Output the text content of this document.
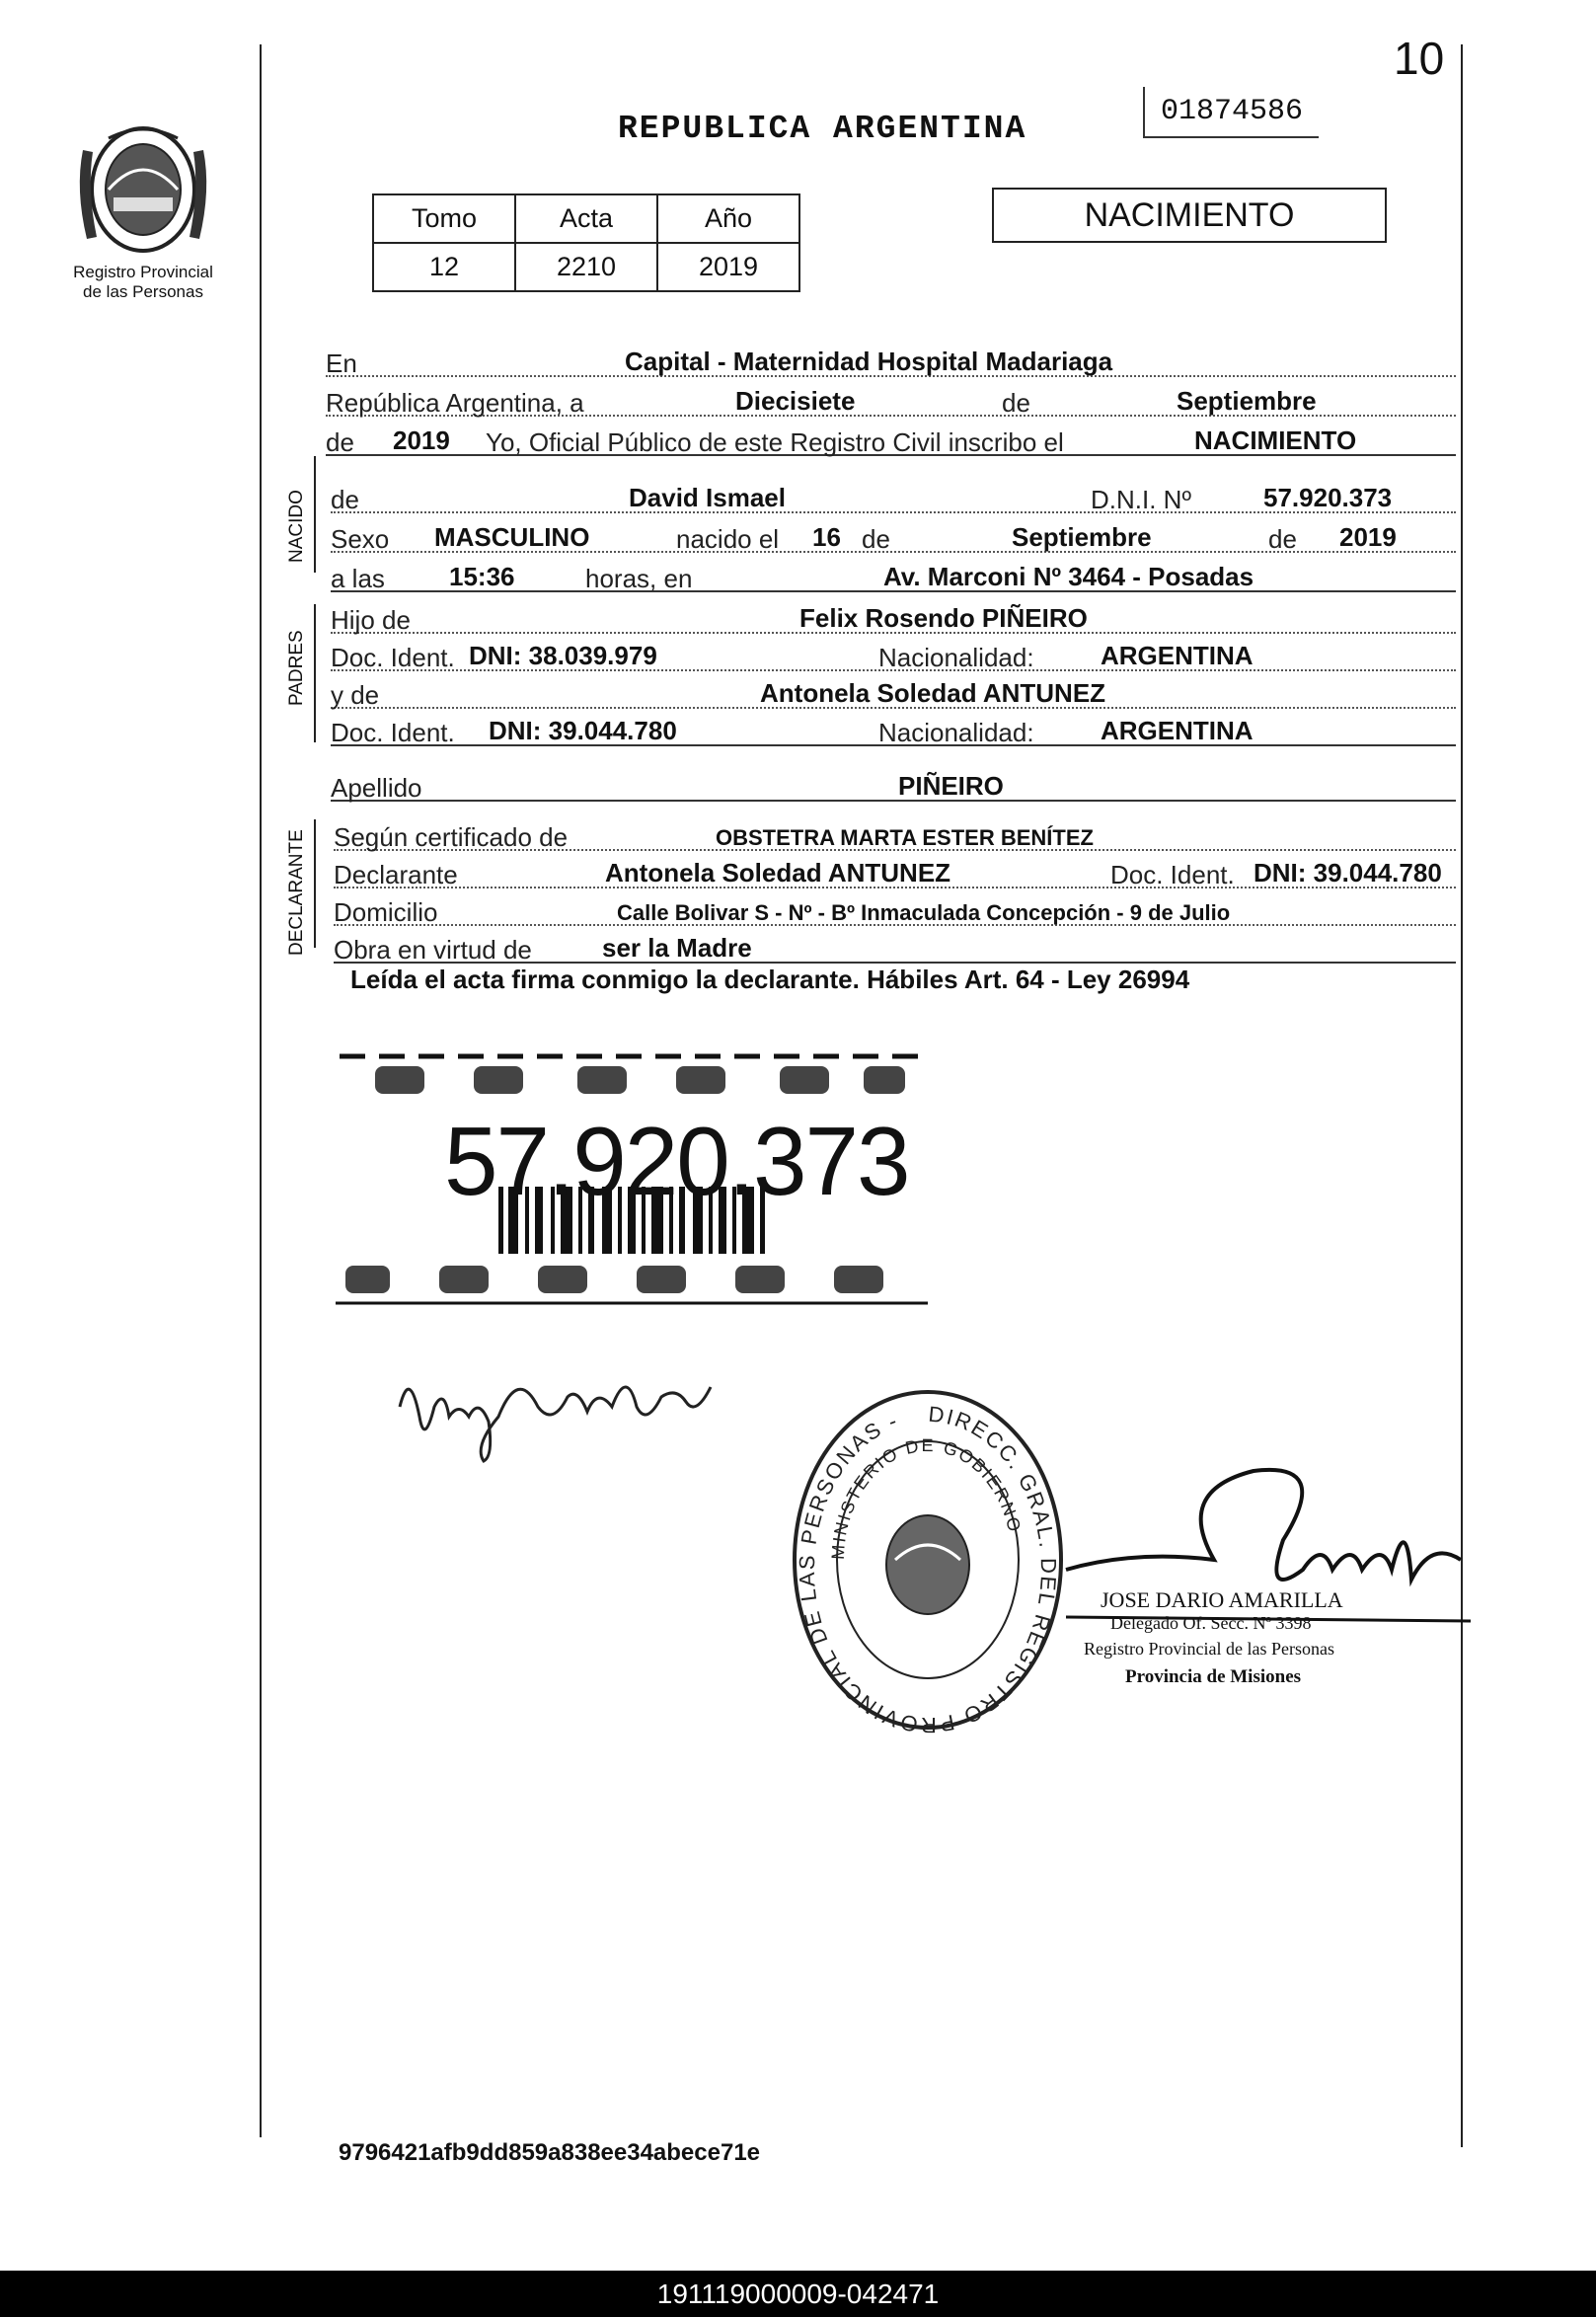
10
Registro Provincial
de las Personas
REPUBLICA ARGENTINA	01874586
Tomo	Acta	Año
12	2210	2019
NACIMIENTO
En	Capital - Maternidad Hospital Madariaga
República Argentina, a	Diecisiete	de	Septiembre
de 2019 Yo, Oficial Público de este Registro Civil inscribo el	NACIMIENTO
NACIDO de	David Ismael	D.N.I. Nº	57.920.373
Sexo MASCULINO	nacido el 16 de	Septiembre	de 2019
a las	15:36	horas, en	Av. Marconi Nº 3464 - Posadas
PADRES
Hijo de	Felix Rosendo PIÑEIRO
Doc. Ident. DNI: 38.039.979	Nacionalidad:	ARGENTINA
y de	Antonela Soledad ANTUNEZ
Doc. Ident. DNI: 39.044.780	Nacionalidad:	ARGENTINA
Apellido	PIÑEIRO
DECLARANTE Según certificado de	OBSTETRA MARTA ESTER BENÍTEZ
Declarante	Antonela Soledad ANTUNEZ	Doc. Ident. DNI: 39.044.780
Domicilio	Calle Bolivar S - Nº - Bº Inmaculada Concepción - 9 de Julio
Obra en virtud de	ser la Madre
Leída el acta firma conmigo la declarante. Hábiles Art. 64 - Ley 26994
57.920.373
DIRECC. GRAL. DEL REGISTRO PROVINCIAL DE LAS PERSONAS -
MINISTERIO DE GOBIERNO
JOSE DARIO AMARILLA
Delegado Of. Secc. Nº 3398
Registro Provincial de las Personas
Provincia de Misiones
9796421afb9dd859a838ee34abece71e
191119000009-042471
